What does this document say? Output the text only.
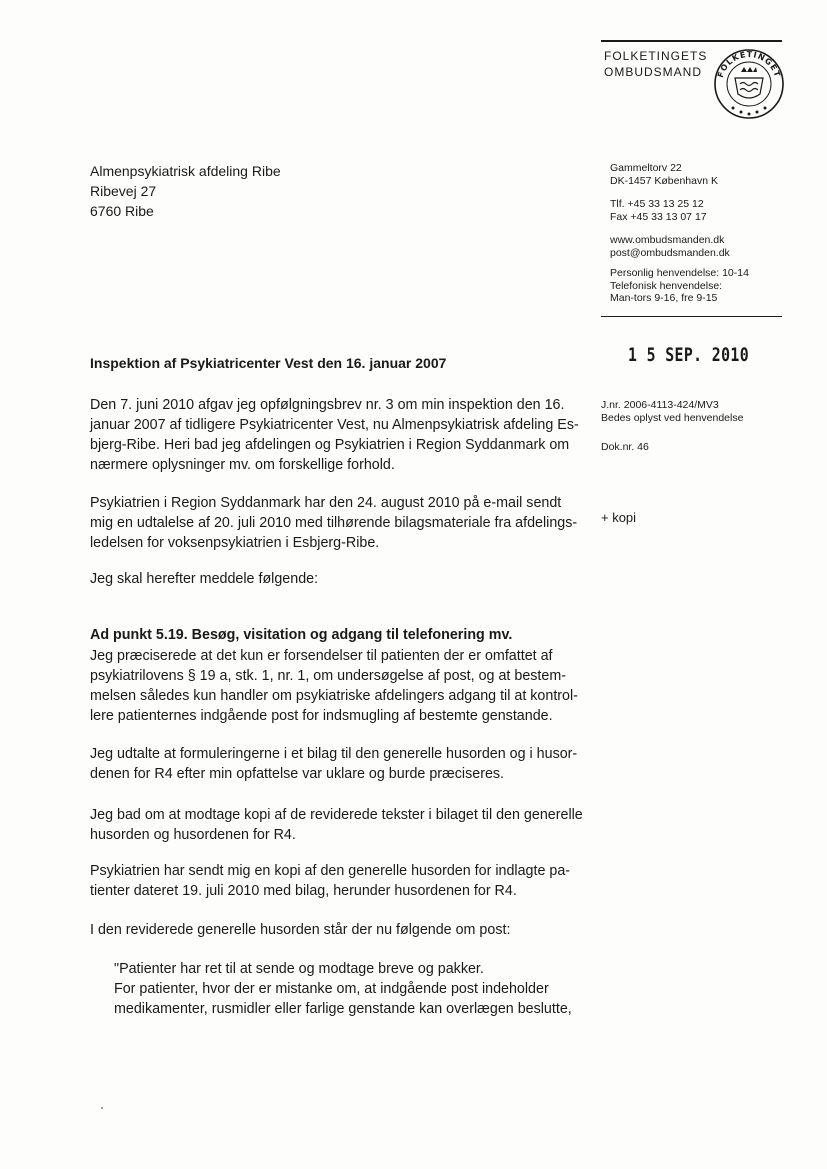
FOLKETINGETS
OMBUDSMAND	FOLKETINGET
Almenpsykiatrisk afdeling Ribe
Ribevej 27
6760 Ribe
Gammeltorv 22
DK-1457 København K
Tlf. +45 33 13 25 12
Fax +45 33 13 07 17
www.ombudsmanden.dk
post@ombudsmanden.dk
Personlig henvendelse: 10-14
Telefonisk henvendelse:
Man-tors 9-16, fre 9-15
1 5 SEP. 2010
J.nr. 2006-4113-424/MV3
Bedes oplyst ved henvendelse
Dok.nr. 46
+ kopi
Inspektion af Psykiatricenter Vest den 16. januar 2007
Den 7. juni 2010 afgav jeg opfølgningsbrev nr. 3 om min inspektion den 16.
januar 2007 af tidligere Psykiatricenter Vest, nu Almenpsykiatrisk afdeling Es-
bjerg-Ribe. Heri bad jeg afdelingen og Psykiatrien i Region Syddanmark om
nærmere oplysninger mv. om forskellige forhold.
Psykiatrien i Region Syddanmark har den 24. august 2010 på e-mail sendt
mig en udtalelse af 20. juli 2010 med tilhørende bilagsmateriale fra afdelings-
ledelsen for voksenpsykiatrien i Esbjerg-Ribe.
Jeg skal herefter meddele følgende:
Ad punkt 5.19. Besøg, visitation og adgang til telefonering mv.
Jeg præciserede at det kun er forsendelser til patienten der er omfattet af
psykiatrilovens § 19 a, stk. 1, nr. 1, om undersøgelse af post, og at bestem-
melsen således kun handler om psykiatriske afdelingers adgang til at kontrol-
lere patienternes indgående post for indsmugling af bestemte genstande.
Jeg udtalte at formuleringerne i et bilag til den generelle husorden og i husor-
denen for R4 efter min opfattelse var uklare og burde præciseres.
Jeg bad om at modtage kopi af de reviderede tekster i bilaget til den generelle
husorden og husordenen for R4.
Psykiatrien har sendt mig en kopi af den generelle husorden for indlagte pa-
tienter dateret 19. juli 2010 med bilag, herunder husordenen for R4.
I den reviderede generelle husorden står der nu følgende om post:
"Patienter har ret til at sende og modtage breve og pakker.
For patienter, hvor der er mistanke om, at indgående post indeholder
medikamenter, rusmidler eller farlige genstande kan overlægen beslutte,
